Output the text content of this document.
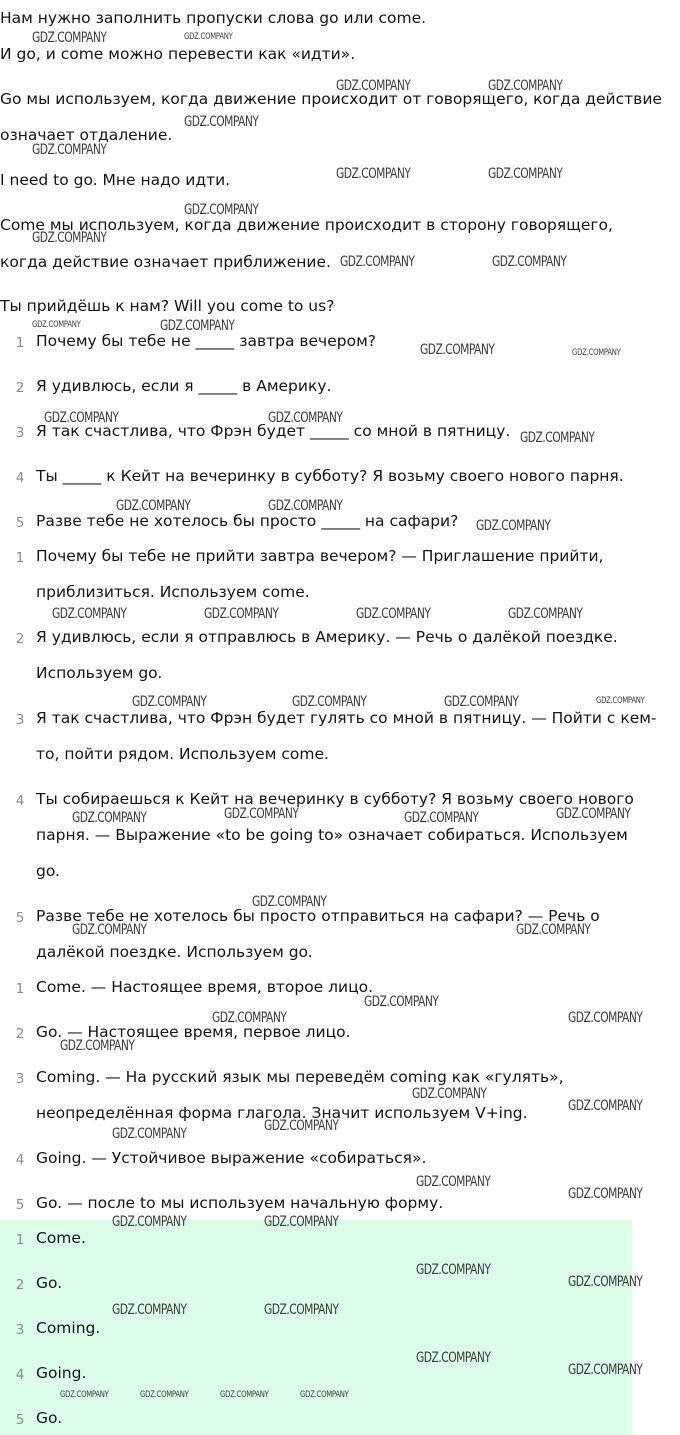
Нам нужно заполнить пропуски слова go или come.
И go, и come можно перевести как «идти».
Go мы используем, когда движение происходит от говорящего, когда действие
означает отдаление.
I need to go. Мне надо идти.
Come мы используем, когда движение происходит в сторону говорящего,
когда действие означает приближение.
Ты прийдёшь к нам? Will you come to us?
1 Почему бы тебе не _____ завтра вечером?
2 Я удивлюсь, если я _____ в Америку.
3 Я так счастлива, что Фрэн будет _____ со мной в пятницу.
4 Ты _____ к Кейт на вечеринку в субботу? Я возьму своего нового парня.
5 Разве тебе не хотелось бы просто _____ на сафари?
1 Почему бы тебе не прийти завтра вечером? — Приглашение прийти,
приблизиться. Используем come.
2 Я удивлюсь, если я отправлюсь в Америку. — Речь о далёкой поездке.
Используем go.
3 Я так счастлива, что Фрэн будет гулять со мной в пятницу. — Пойти с кем-
то, пойти рядом. Используем come.
4 Ты собираешься к Кейт на вечеринку в субботу? Я возьму своего нового
парня. — Выражение «to be going to» означает собираться. Используем
go.
5 Разве тебе не хотелось бы просто отправиться на сафари? — Речь о
далёкой поездке. Используем go.
1 Come. — Настоящее время, второе лицо.
2 Go. — Настоящее время, первое лицо.
3 Coming. — На русский язык мы переведём coming как «гулять»,
неопределённая форма глагола. Значит используем V+ing.
4 Going. — Устойчивое выражение «собираться».
5 Go. — после to мы используем начальную форму.
1 Come.
2 Go.
3 Coming.
4 Going.
5 Go.
GDZ.COMPANY	GDZ.COMPANY
GDZ.COMPANY	GDZ.COMPANY
GDZ.COMPANY
GDZ.COMPANY
GDZ.COMPANY	GDZ.COMPANY
GDZ.COMPANY
GDZ.COMPANY
GDZ.COMPANY	GDZ.COMPANY
GDZ.COMPANY	GDZ.COMPANY
GDZ.COMPANY	GDZ.COMPANY
GDZ.COMPANY	GDZ.COMPANY
GDZ.COMPANY
GDZ.COMPANY	GDZ.COMPANY
GDZ.COMPANY
GDZ.COMPANY	GDZ.COMPANY	GDZ.COMPANY	GDZ.COMPANY
GDZ.COMPANY	GDZ.COMPANY	GDZ.COMPANY	GDZ.COMPANY
GDZ.COMPANY	GDZ.COMPANY	GDZ.COMPANY	GDZ.COMPANY
GDZ.COMPANY
GDZ.COMPANY	GDZ.COMPANY
GDZ.COMPANY
GDZ.COMPANY	GDZ.COMPANY
GDZ.COMPANY
GDZ.COMPANY
GDZ.COMPANY
GDZ.COMPANY
GDZ.COMPANY
GDZ.COMPANY
GDZ.COMPANY
GDZ.COMPANY	GDZ.COMPANY
GDZ.COMPANY
GDZ.COMPANY
GDZ.COMPANY	GDZ.COMPANY
GDZ.COMPANY
GDZ.COMPANY
GDZ.COMPANY	GDZ.COMPANY	GDZ.COMPANY	GDZ.COMPANY
